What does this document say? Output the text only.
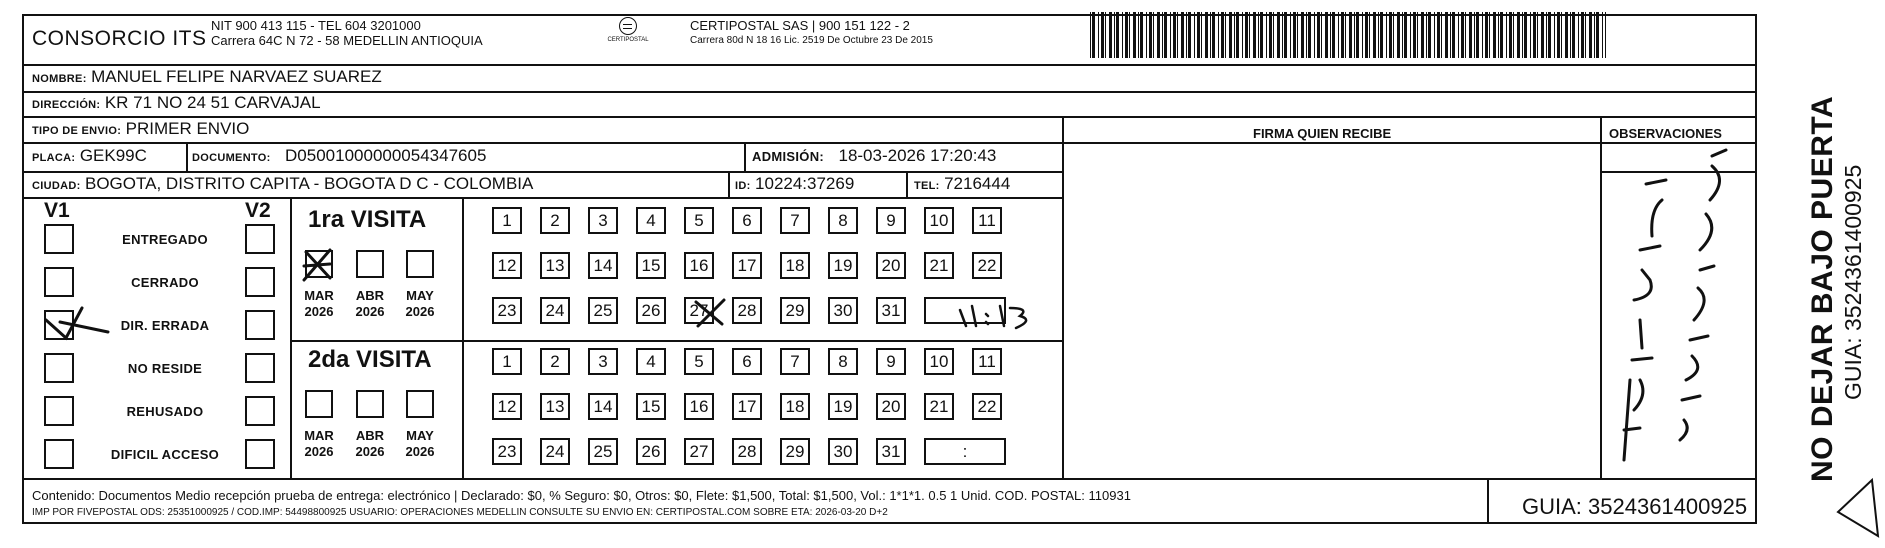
CONSORCIO ITS
NIT 900 413 115 - TEL 604 3201000
Carrera 64C N 72 - 58 MEDELLIN ANTIOQUIA	CERTIPOSTAL
CERTIPOSTAL SAS | 900 151 122 - 2
Carrera 80d N 18 16 Lic. 2519 De Octubre 23 De 2015
NOMBRE: MANUEL FELIPE NARVAEZ SUAREZ
DIRECCIÓN: KR 71 NO 24 51 CARVAJAL
TIPO DE ENVIO: PRIMER ENVIO
PLACA: GEK99C	DOCUMENTO: D05001000000054347605	ADMISIÓN: 18-03-2026 17:20:43
CIUDAD: BOGOTA, DISTRITO CAPITA - BOGOTA D C - COLOMBIA	ID: 10224:37269	TEL: 7216444
FIRMA QUIEN RECIBE	OBSERVACIONES
V1	V2
ENTREGADO
CERRADO
DIR. ERRADA
NO RESIDE
REHUSADO
DIFICIL ACCESO
1ra VISITA
2da VISITA
MAR
2026
ABR
2026
MAY
2026
MAR
2026
ABR
2026
MAY
2026
1	2	3	4	5	6	7	8	9	10	11
12	13	14	15	16	17	18	19	20	21	22
23	24	25	26	27	28	29	30	31
1	2	3	4	5	6	7	8	9	10	11
12	13	14	15	16	17	18	19	20	21	22
23	24	25	26	27	28	29	30	31	:
Contenido: Documentos Medio recepción prueba de entrega: electrónico | Declarado: $0, % Seguro: $0, Otros: $0, Flete: $1,500, Total: $1,500, Vol.: 1*1*1. 0.5 1 Unid. COD. POSTAL: 110931
IMP POR FIVEPOSTAL ODS: 25351000925 / COD.IMP: 54498800925 USUARIO: OPERACIONES MEDELLIN CONSULTE SU ENVIO EN: CERTIPOSTAL.COM SOBRE ETA: 2026-03-20 D+2	GUIA: 3524361400925
NO DEJAR BAJO PUERTA GUIA: 3524361400925
